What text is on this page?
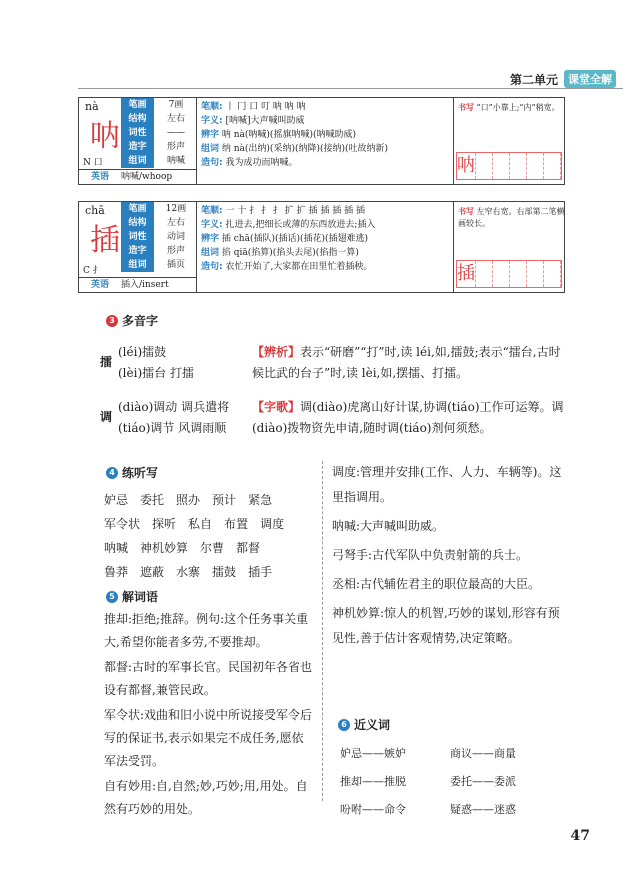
第二单元 课堂全解
nà
呐
笔画	7画
结构	左右
词性	——
造字	形声
组词	呐喊
N 口
笔顺: 丨 冂 口 叮 呐 呐 呐
字义: [呐喊]大声喊叫助威
辨字 呐 nà(呐喊)(摇旗呐喊)(呐喊助威)
组词 纳 nà(出纳)(采纳)(纳降)(接纳)(吐故纳新)
造句: 我为成功而呐喊。
书写 “口”小靠上;“内”稍宽。
呐
英语 呐喊/whoop
chā
插
笔画	12画
结构	左右
词性	动词
造字	形声
组词	插页
C 扌
笔顺: 一 十 扌 扌 扌 扩 扩 插 插 插 插 插
字义: 扎进去,把细长或薄的东西放进去;插入
辨字 插 chā(插队)(插话)(插花)(插翅难逃)
组词 掐 qiā(掐算)(掐头去尾)(掐指一算)
造句: 农忙开始了,大家都在田里忙着插秧。
书写 左窄右宽。右部第二笔横画较长。
插
英语 插入/insert
3 多音字
擂
(léi)擂鼓
(lèi)擂台 打擂
【辨析】表示“研磨”“打”时,读 léi,如,擂鼓;表示“擂台,古时候比武的台子”时,读 lèi,如,摆擂、打擂。
调
(diào)调动 调兵遣将
(tiáo)调节 风调雨顺
【字歌】调(diào)虎离山好计谋,协调(tiáo)工作可运筹。调(diào)拨物资先申请,随时调(tiáo)剂何须愁。
4 练听写
妒忌 委托 照办 预计 紧急
军令状 探听 私自 布置 调度
呐喊 神机妙算 尔曹 都督
鲁莽 遮蔽 水寨 擂鼓 插手
5 解词语

推却:拒绝;推辞。例句:这个任务事关重大,希望你能者多劳,不要推却。

都督:古时的军事长官。民国初年各省也设有都督,兼管民政。

军令状:戏曲和旧小说中所说接受军令后写的保证书,表示如果完不成任务,愿依军法受罚。

自有妙用:自,自然;妙,巧妙;用,用处。自然有巧妙的用处。

调度:管理并安排(工作、人力、车辆等)。这里指调用。

呐喊:大声喊叫助威。

弓弩手:古代军队中负责射箭的兵士。

丞相:古代辅佐君主的职位最高的大臣。

神机妙算:惊人的机智,巧妙的谋划,形容有预见性,善于估计客观情势,决定策略。

6 近义词
妒忌——嫉妒	商议——商量
推却——推脱	委托——委派
吩咐——命令	疑惑——迷惑
47
